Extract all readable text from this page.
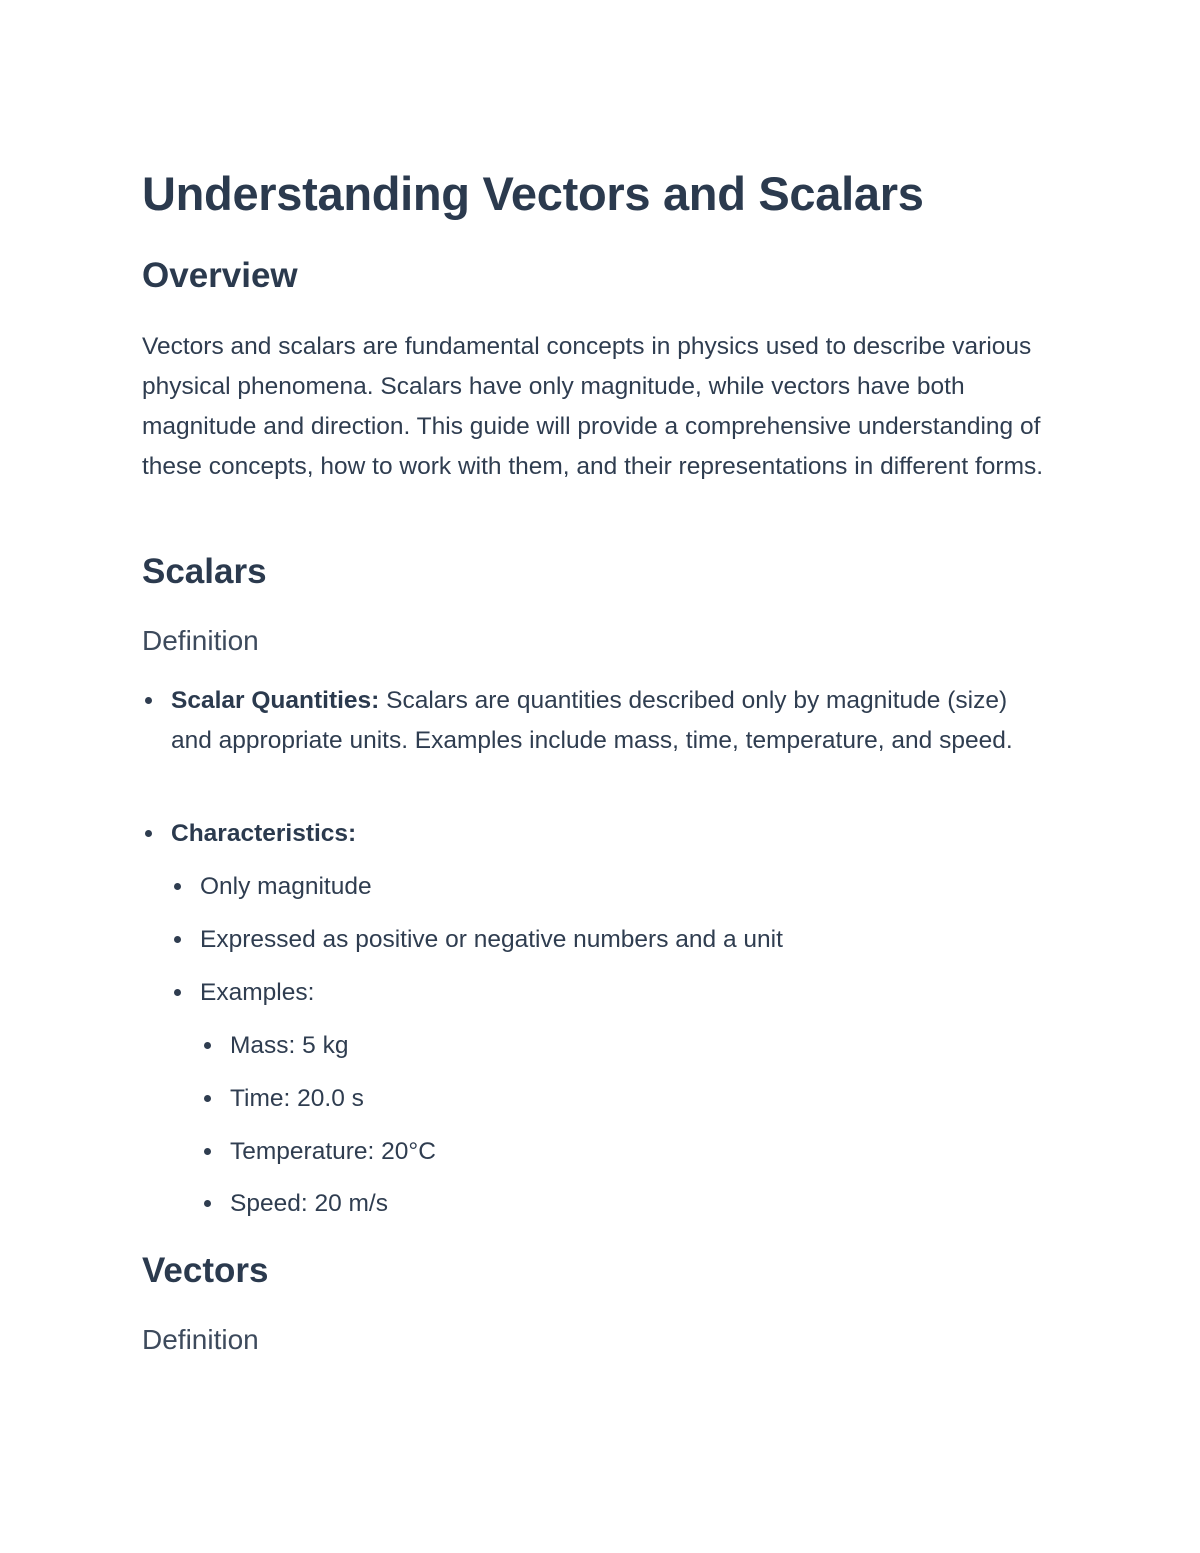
Understanding Vectors and Scalars
Overview

Vectors and scalars are fundamental concepts in physics used to describe various physical phenomena. Scalars have only magnitude, while vectors have both magnitude and direction. This guide will provide a comprehensive understanding of these concepts, how to work with them, and their representations in different forms.

Scalars
Definition
Scalar Quantities: Scalars are quantities described only by magnitude (size) and appropriate units. Examples include mass, time, temperature, and speed.
Characteristics:
Only magnitude
Expressed as positive or negative numbers and a unit
Examples:
Mass: 5 kg
Time: 20.0 s
Temperature: 20°C
Speed: 20 m/s
Vectors
Definition
